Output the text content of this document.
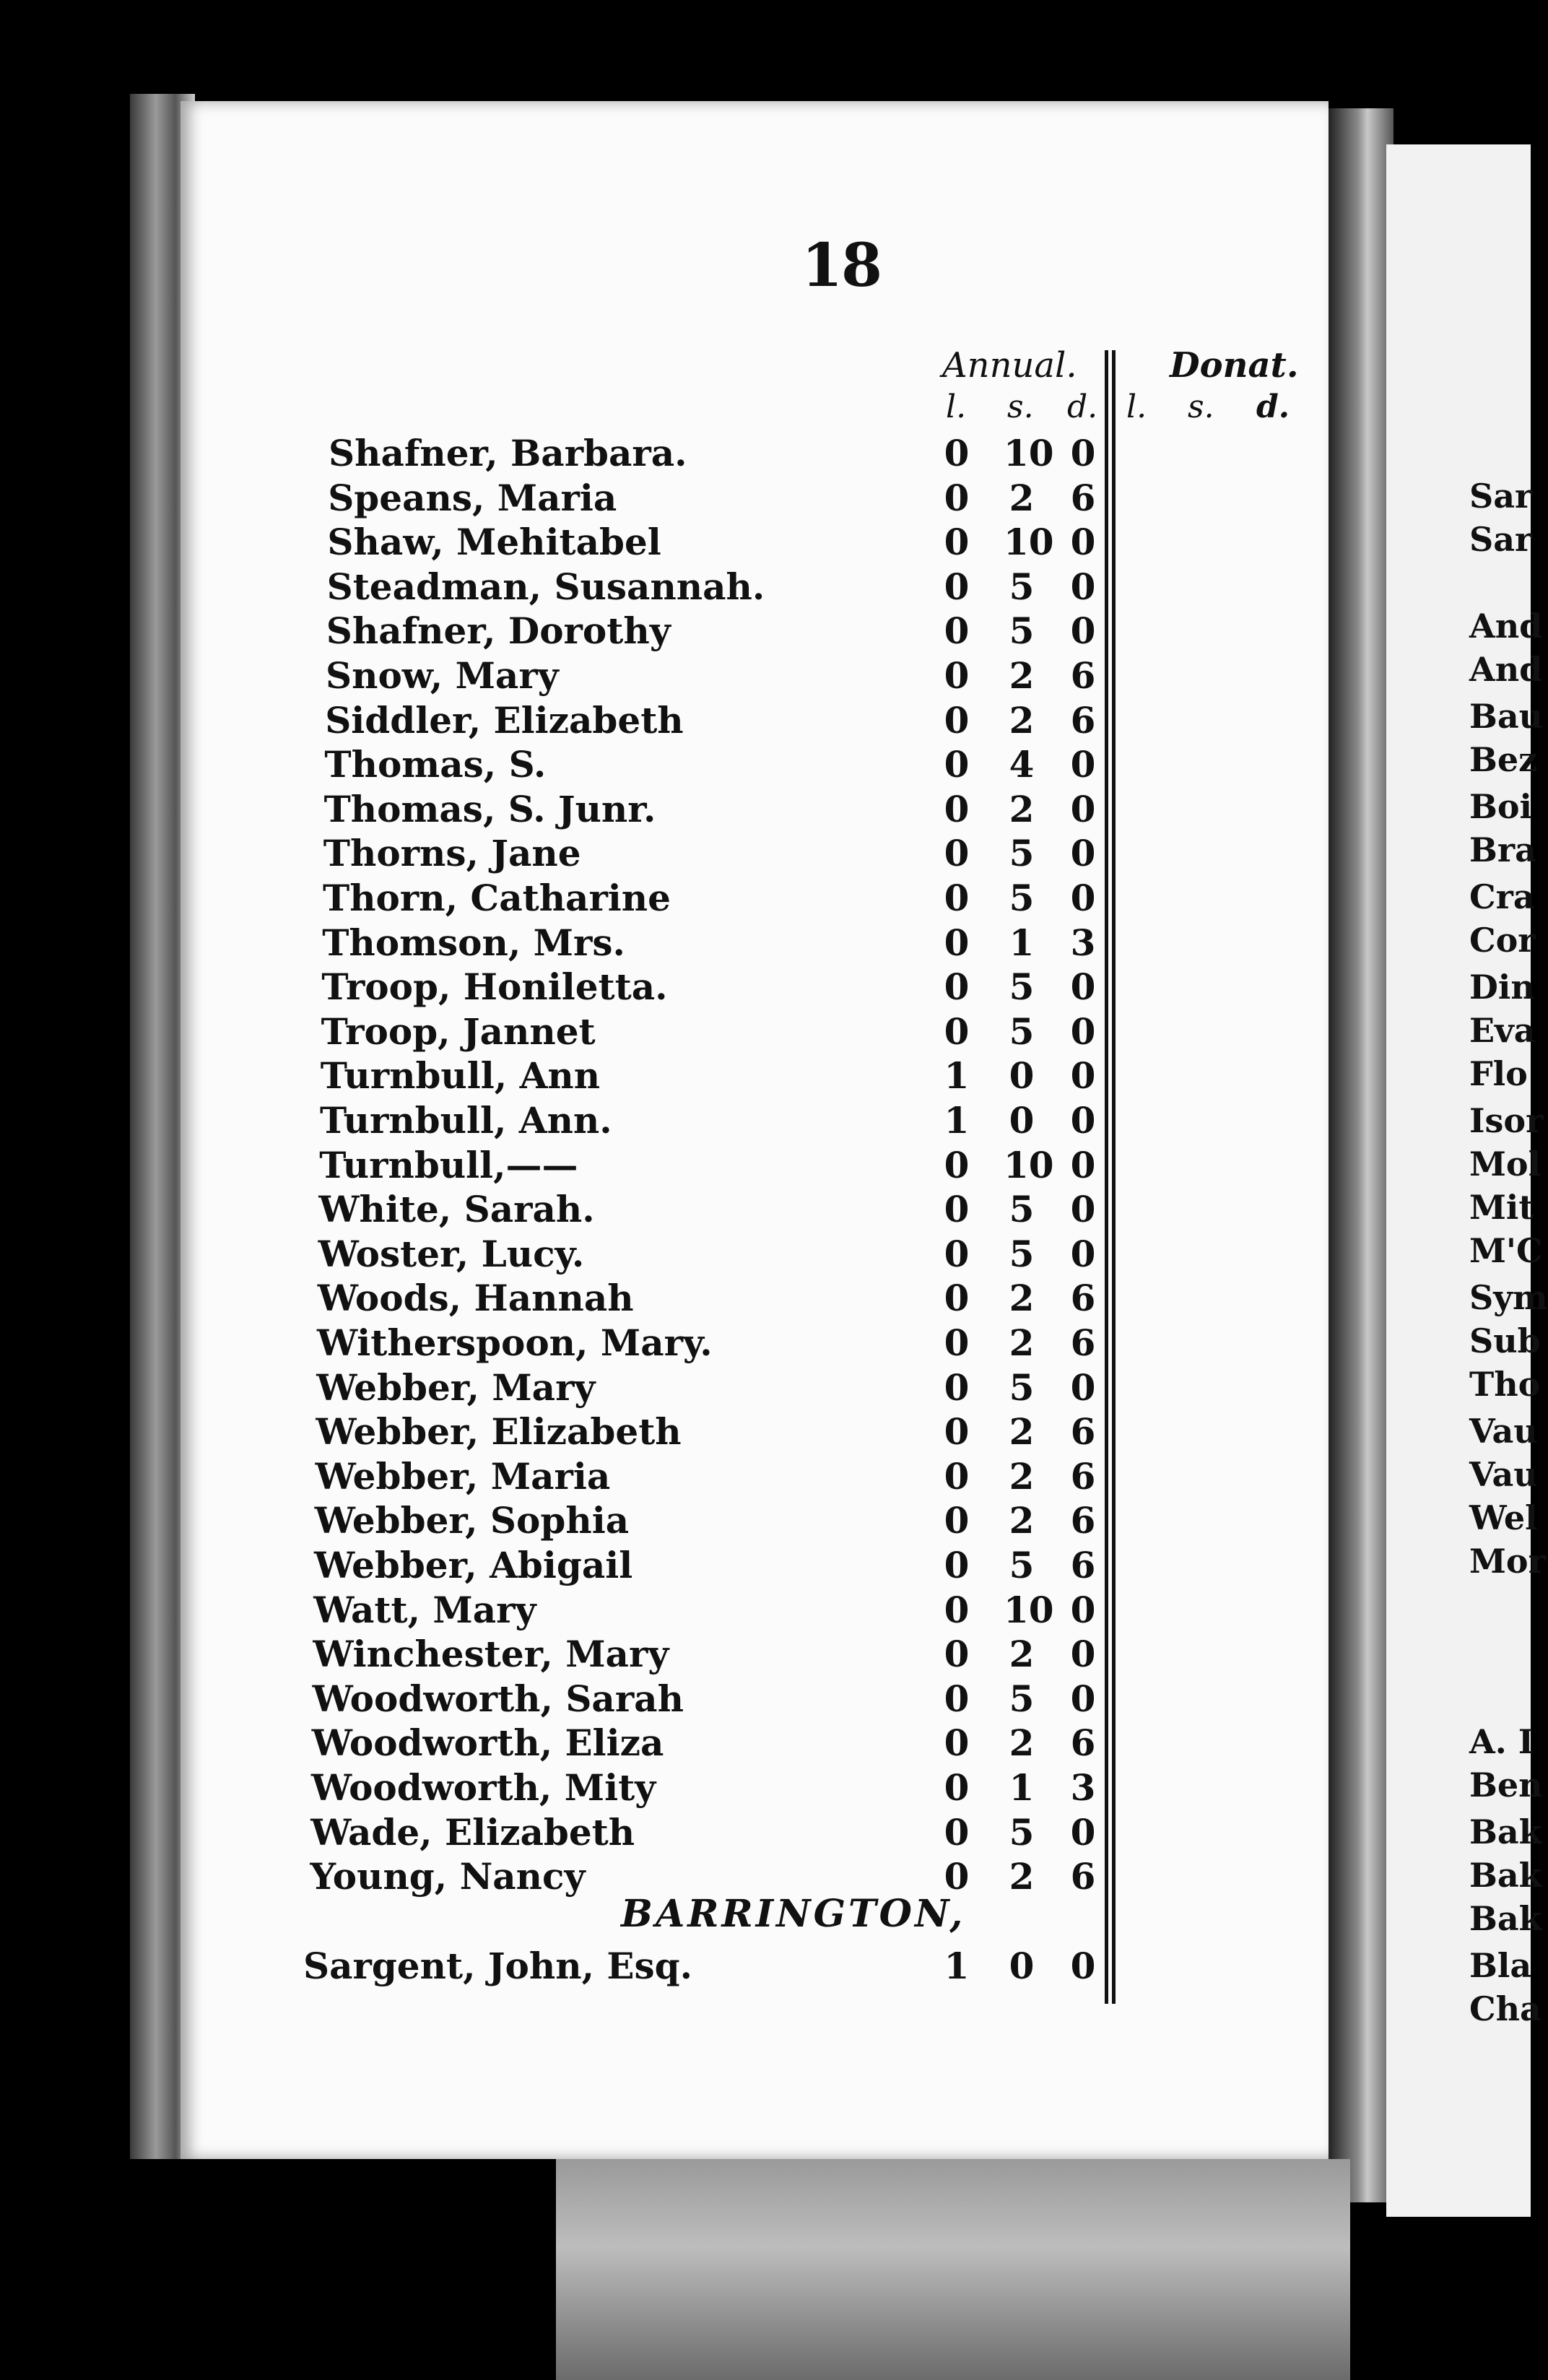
18
Annual.	Donat.
l. s. d. l. s. d.
Shafner, Barbara.	0 10 0
Speans, Maria	0 2 6
Shaw, Mehitabel	0 10 0
Steadman, Susannah.	0 5 0
Shafner, Dorothy	0 5 0
Snow, Mary	0 2 6
Siddler, Elizabeth	0 2 6
Thomas, S.	0 4 0
Thomas, S. Junr.	0 2 0
Thorns, Jane	0 5 0
Thorn, Catharine	0 5 0
Thomson, Mrs.	0 1 3
Troop, Honiletta.	0 5 0
Troop, Jannet	0 5 0
Turnbull, Ann	1 0 0
Turnbull, Ann.	1 0 0
Turnbull,——	0 10 0
White, Sarah.	0 5 0
Woster, Lucy.	0 5 0
Woods, Hannah	0 2 6
Witherspoon, Mary.	0 2 6
Webber, Mary	0 5 0
Webber, Elizabeth	0 2 6
Webber, Maria	0 2 6
Webber, Sophia	0 2 6
Webber, Abigail	0 5 6
Watt, Mary	0 10 0
Winchester, Mary	0 2 0
Woodworth, Sarah	0 5 0
Woodworth, Eliza	0 2 6
Woodworth, Mity	0 1 3
Wade, Elizabeth	0 5 0
Young, Nancy	0 2 6
BARRINGTON,
Sargent, John, Esq.	1 0 0
Sar
Sar
And
And
Bau
Bez
Boi
Bra
Cra
Cor
Din
Eva
Flo
Isor
Mol
Mit
M'C
Sym
Sub
Tho
Vau
Vau
Wel
Mor
A. I
Ben
Bak
Bak
Bak
Bla
Cha
